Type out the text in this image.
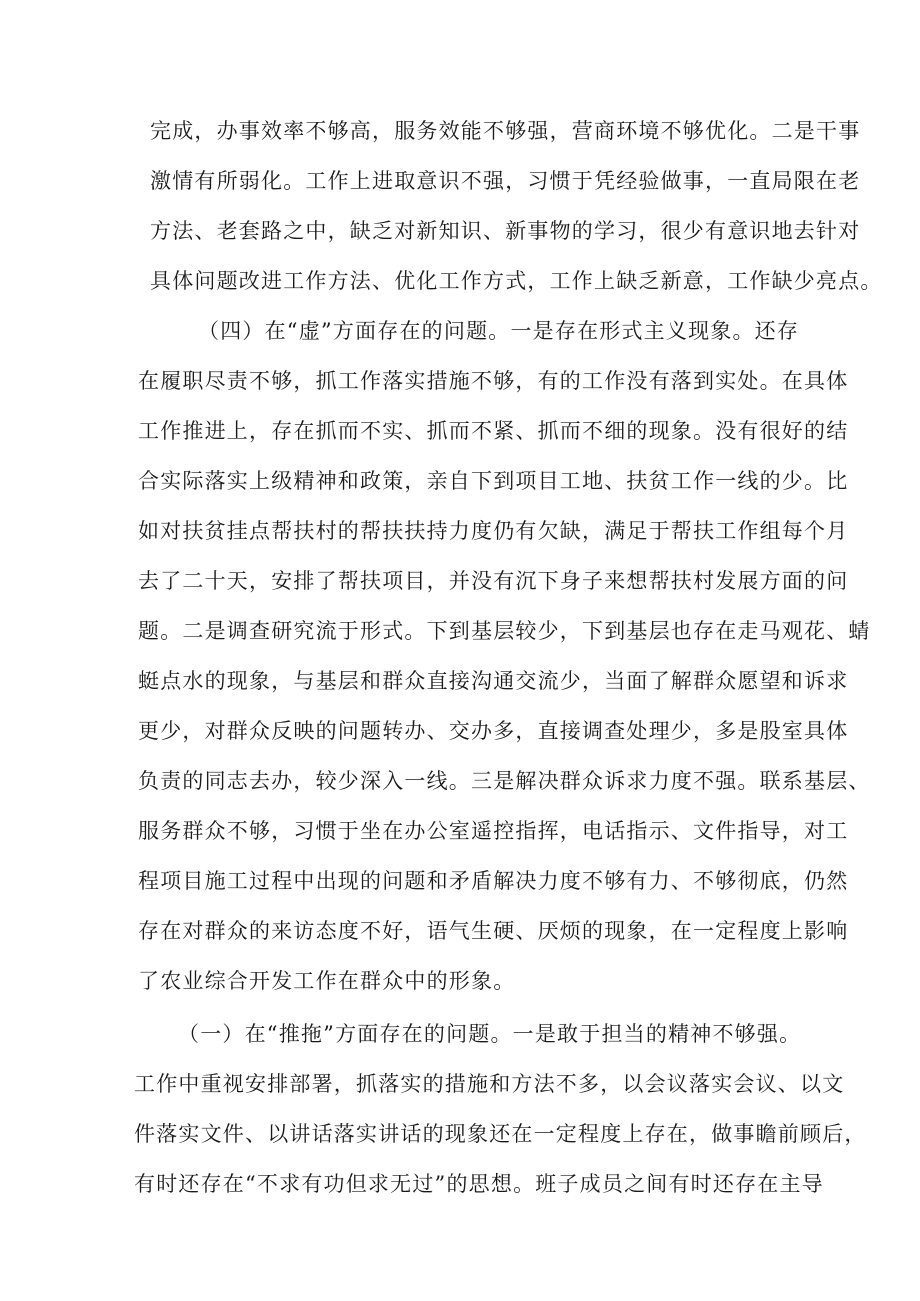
完成，办事效率不够高，服务效能不够强，营商环境不够优化。二是干事
激情有所弱化。工作上进取意识不强，习惯于凭经验做事，一直局限在老
方法、老套路之中，缺乏对新知识、新事物的学习，很少有意识地去针对
具体问题改进工作方法、优化工作方式，工作上缺乏新意，工作缺少亮点。
（四）在“虚”方面存在的问题。一是存在形式主义现象。还存
在履职尽责不够，抓工作落实措施不够，有的工作没有落到实处。在具体
工作推进上，存在抓而不实、抓而不紧、抓而不细的现象。没有很好的结
合实际落实上级精神和政策，亲自下到项目工地、扶贫工作一线的少。比
如对扶贫挂点帮扶村的帮扶扶持力度仍有欠缺，满足于帮扶工作组每个月
去了二十天，安排了帮扶项目，并没有沉下身子来想帮扶村发展方面的问
题。二是调查研究流于形式。下到基层较少，下到基层也存在走马观花、蜻
蜓点水的现象，与基层和群众直接沟通交流少，当面了解群众愿望和诉求
更少，对群众反映的问题转办、交办多，直接调查处理少，多是股室具体
负责的同志去办，较少深入一线。三是解决群众诉求力度不强。联系基层、
服务群众不够，习惯于坐在办公室遥控指挥，电话指示、文件指导，对工
程项目施工过程中出现的问题和矛盾解决力度不够有力、不够彻底，仍然
存在对群众的来访态度不好，语气生硬、厌烦的现象，在一定程度上影响
了农业综合开发工作在群众中的形象。
（一）在“推拖”方面存在的问题。一是敢于担当的精神不够强。
工作中重视安排部署，抓落实的措施和方法不多，以会议落实会议、以文
件落实文件、以讲话落实讲话的现象还在一定程度上存在，做事瞻前顾后，
有时还存在“不求有功但求无过”的思想。班子成员之间有时还存在主导
